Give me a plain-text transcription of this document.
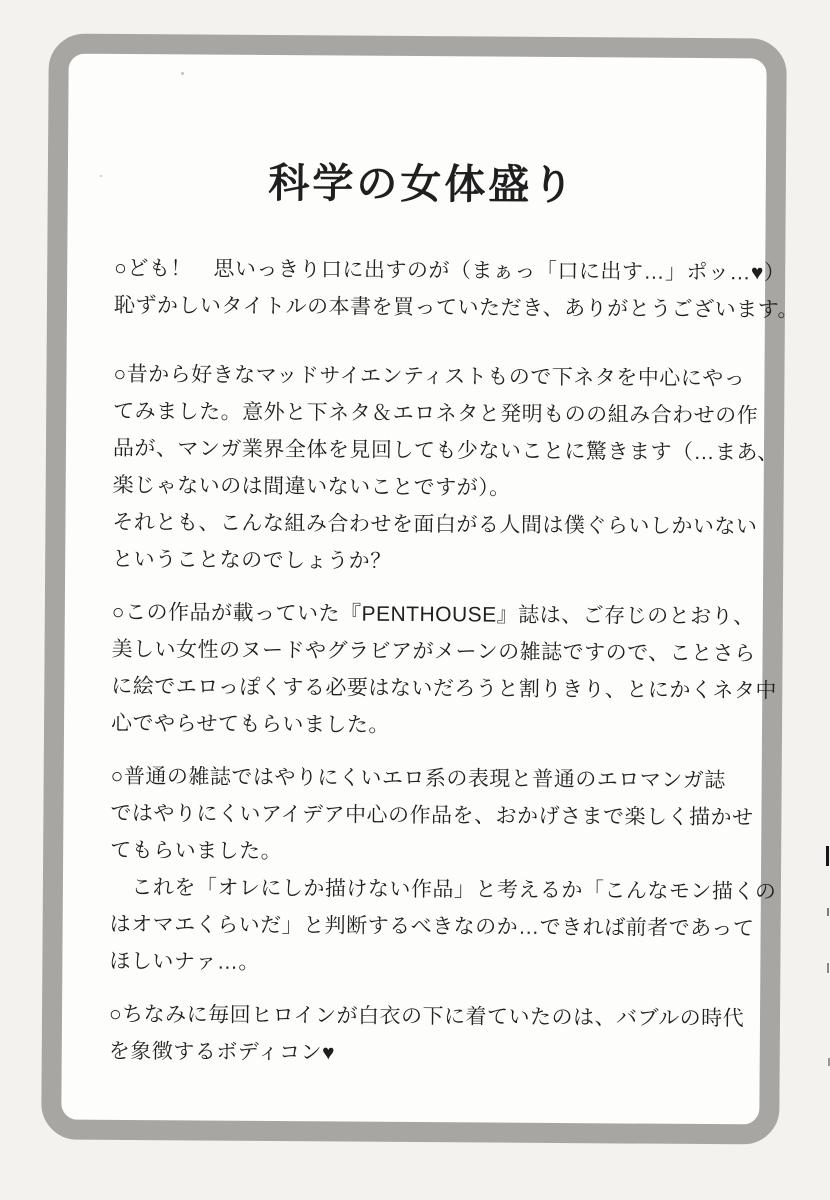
科学の女体盛り
○ども！　思いっきり口に出すのが（まぁっ「口に出す…」ポッ…♥）
恥ずかしいタイトルの本書を買っていただき、ありがとうございます。
○昔から好きなマッドサイエンティストもので下ネタを中心にやっ
てみました。意外と下ネタ＆エロネタと発明ものの組み合わせの作
品が、マンガ業界全体を見回しても少ないことに驚きます（…まあ、
楽じゃないのは間違いないことですが）。
それとも、こんな組み合わせを面白がる人間は僕ぐらいしかいない
ということなのでしょうか？
○この作品が載っていた『PENTHOUSE』誌は、ご存じのとおり、
美しい女性のヌードやグラビアがメーンの雑誌ですので、ことさら
に絵でエロっぽくする必要はないだろうと割りきり、とにかくネタ中
心でやらせてもらいました。
○普通の雑誌ではやりにくいエロ系の表現と普通のエロマンガ誌
ではやりにくいアイデア中心の作品を、おかげさまで楽しく描かせ
てもらいました。
　これを「オレにしか描けない作品」と考えるか「こんなモン描くの
はオマエくらいだ」と判断するべきなのか…できれば前者であって
ほしいナァ…。
○ちなみに毎回ヒロインが白衣の下に着ていたのは、バブルの時代
を象徴するボディコン♥
